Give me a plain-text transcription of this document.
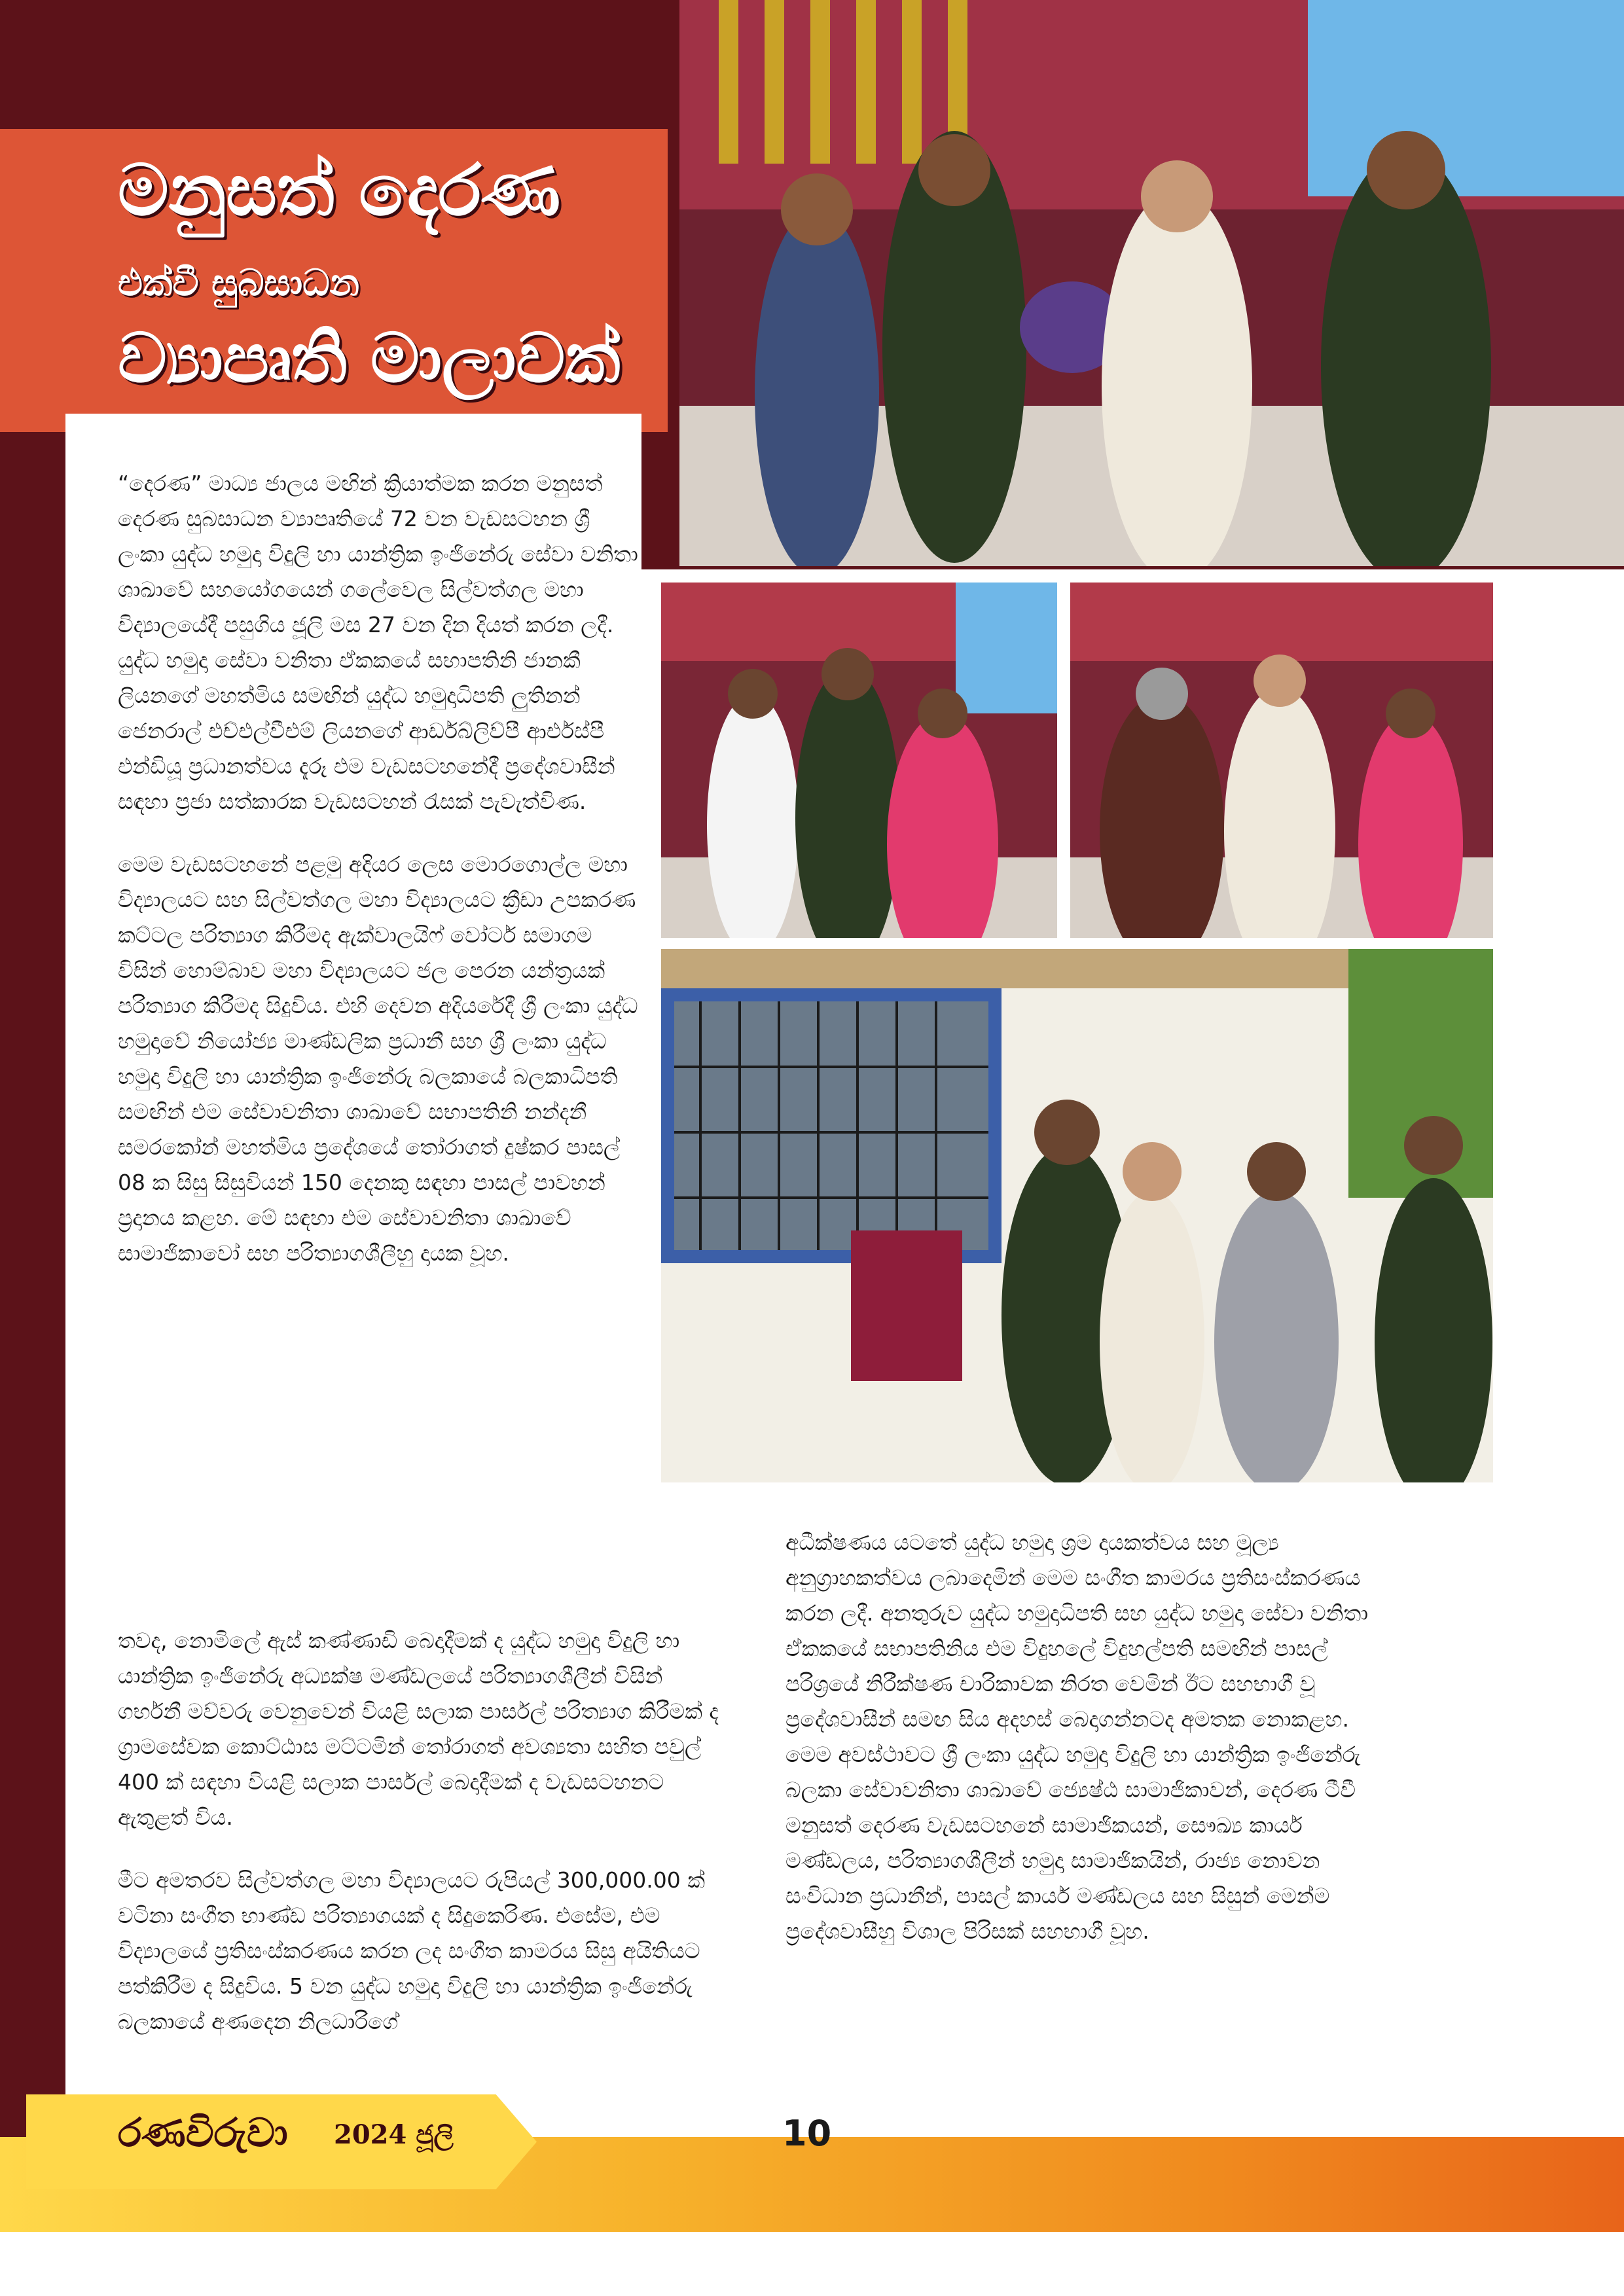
මනුසත් දෙරණ
එක්වී සුබසාධන
ව්‍යාපෘති මාලාවක්

“දෙරණ” මාධ්‍ය ජාලය මඟින් ක්‍රියාත්මක කරන මනුසත් දෙරණ සුබසාධන ව්‍යාපෘතියේ 72 වන වැඩසටහන ශ්‍රී ලංකා යුද්ධ හමුදා විදුලි හා යාන්ත්‍රික ඉංජිනේරු සේවා වනිතා ශාඛාවේ සහයෝගයෙන් ගලේවෙල සිල්වත්ගල මහා විද්‍යාලයේදී පසුගිය ජූලි මස 27 වන දින දියත් කරන ලදී. යුද්ධ හමුදා සේවා වනිතා ඒකකයේ සභාපතිනි ජානකී ලියනගේ මහත්මිය සමඟින් යුද්ධ හමුදාධිපති ලුතිනන් ජෙනරාල් එච්එල්වීඑම් ලියනගේ ආර්ඩබ්ලිව්පී ආර්එස්පී එන්ඩියූ ප්‍රධානත්වය දැරූ එම වැඩසටහනේදී ප්‍රදේශවාසීන් සඳහා ප්‍රජා සත්කාරක වැඩසටහන් රැසක් පැවැත්විණ.

මෙම වැඩසටහනේ පළමු අදියර ලෙස මොරගොල්ල මහා විද්‍යාලයට සහ සිල්වත්ගල මහා විද්‍යාලයට ක්‍රීඩා උපකරණ කට්ටල පරිත්‍යාග කිරීමද ඇක්වාලයිෆ් වෝටර් සමාගම විසින් හොම්බාව මහා විද්‍යාලයට ජල පෙරන යන්ත්‍රයක් පරිත්‍යාග කිරීමද සිදුවිය. එහි දෙවන අදියරේදී ශ්‍රී ලංකා යුද්ධ හමුදාවේ නියෝජ්‍ය මාණ්ඩලික ප්‍රධානී සහ ශ්‍රී ලංකා යුද්ධ හමුදා විදුලි හා යාන්ත්‍රික ඉංජිනේරු බලකායේ බලකාධිපති සමඟින් එම සේවාවනිතා ශාඛාවේ සභාපතිනි නන්දනී සමරකෝන් මහත්මිය ප්‍රදේශයේ තෝරාගත් දුෂ්කර පාසල් 08 ක සිසු සිසුවියන් 150 දෙනකු සඳහා පාසල් පාවහන් ප්‍රදානය කළහ. මේ සඳහා එම සේවාවනිතා ශාඛාවේ සාමාජිකාවෝ සහ පරිත්‍යාගශීලීහු දායක වූහ.

තවද, නොමිලේ ඇස් කණ්ණාඩි බෙදාදීමක් ද යුද්ධ හමුදා විදුලි හා යාන්ත්‍රික ඉංජිනේරු අධ්‍යක්ෂ මණ්ඩලයේ පරිත්‍යාගශීලීන් විසින් ගර්භනී මව්වරු වෙනුවෙන් වියළි සලාක පාර්සල් පරිත්‍යාග කිරීමක් ද ග්‍රාමසේවක කොට්ඨාස මට්ටමින් තෝරාගත් අවශ්‍යතා සහිත පවුල් 400 ක් සඳහා වියළි සලාක පාර්සල් බෙදාදීමක් ද වැඩසටහනට ඇතුළත් විය.

මීට අමතරව සිල්වත්ගල මහා විද්‍යාලයට රුපියල් 300,000.00 ක් වටිනා සංගීත භාණ්ඩ පරිත්‍යාගයක් ද සිදුකෙරිණ. එසේම, එම විද්‍යාලයේ ප්‍රතිසංස්කරණය කරන ලද සංගීත කාමරය සිසු අයිතියට පත්කිරීම ද සිදුවිය. 5 වන යුද්ධ හමුදා විදුලි හා යාන්ත්‍රික ඉංජිනේරු බලකායේ අණදෙන නිලධාරිගේ

අධීක්ෂණය යටතේ යුද්ධ හමුදා ශ්‍රම දායකත්වය සහ මූල්‍ය අනුග්‍රාහකත්වය ලබාදෙමින් මෙම සංගීත කාමරය ප්‍රතිසංස්කරණය කරන ලදී. අනතුරුව යුද්ධ හමුදාධිපති සහ යුද්ධ හමුදා සේවා වනිතා ඒකකයේ සභාපතිනිය එම විදුහලේ විදුහල්පති සමඟින් පාසල් පරිශ්‍රයේ නිරීක්ෂණ චාරිකාවක නිරත වෙමින් ඊට සහභාගී වූ ප්‍රදේශවාසීන් සමඟ සිය අදහස් බෙදාගන්නටද අමතක නොකළහ. මෙම අවස්ථාවට ශ්‍රී ලංකා යුද්ධ හමුදා විදුලි හා යාන්ත්‍රික ඉංජිනේරු බලකා සේවාවනිතා ශාඛාවේ ජ්‍යෙෂ්ඨ සාමාජිකාවන්, දෙරණ ටීවී මනුසත් දෙරණ වැඩසටහනේ සාමාජිකයන්, සෞඛ්‍ය කාර්ය මණ්ඩලය, පරිත්‍යාගශීලීන් හමුදා සාමාජිකයින්, රාජ්‍ය නොවන සංවිධාන ප්‍රධානීන්, පාසල් කාර්ය මණ්ඩලය සහ සිසුන් මෙන්ම ප්‍රදේශවාසීහු විශාල පිරිසක් සහභාගී වූහ.

රණවිරුවා 2024 ජූලි	10
